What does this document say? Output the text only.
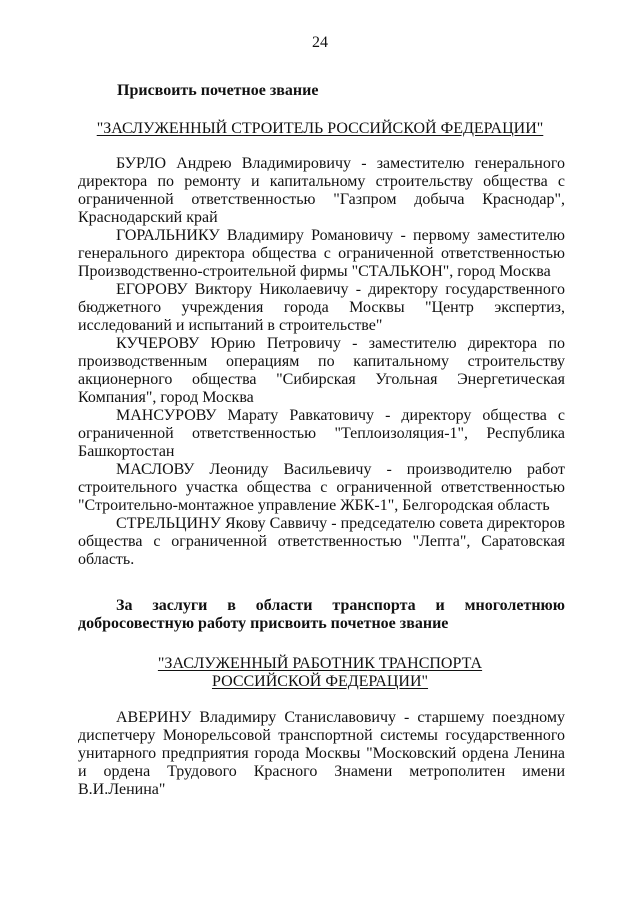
24
Присвоить почетное звание
"ЗАСЛУЖЕННЫЙ СТРОИТЕЛЬ РОССИЙСКОЙ ФЕДЕРАЦИИ"

БУРЛО Андрею Владимировичу - заместителю генерального директора по ремонту и капитальному строительству общества с ограниченной ответственностью "Газпром добыча Краснодар", Краснодарский край

ГОРАЛЬНИКУ Владимиру Романовичу - первому заместителю генерального директора общества с ограниченной ответственностью Производственно-строительной фирмы "СТАЛЬКОН", город Москва

ЕГОРОВУ Виктору Николаевичу - директору государственного бюджетного учреждения города Москвы "Центр экспертиз, исследований и испытаний в строительстве"

КУЧЕРОВУ Юрию Петровичу - заместителю директора по производственным операциям по капитальному строительству акционерного общества "Сибирская Угольная Энергетическая Компания", город Москва

МАНСУРОВУ Марату Равкатовичу - директору общества с ограниченной ответственностью "Теплоизоляция-1", Республика Башкортостан

МАСЛОВУ Леониду Васильевичу - производителю работ строительного участка общества с ограниченной ответственностью "Строительно-монтажное управление ЖБК-1", Белгородская область

СТРЕЛЬЦИНУ Якову Саввичу - председателю совета директоров общества с ограниченной ответственностью "Лепта", Саратовская область.

За заслуги в области транспорта и многолетнюю
добросовестную работу присвоить почетное звание
"ЗАСЛУЖЕННЫЙ РАБОТНИК ТРАНСПОРТА
РОССИЙСКОЙ ФЕДЕРАЦИИ"

АВЕРИНУ Владимиру Станиславовичу - старшему поездному диспетчеру Монорельсовой транспортной системы государственного унитарного предприятия города Москвы "Московский ордена Ленина и ордена Трудового Красного Знамени метрополитен имени В.И.Ленина"
